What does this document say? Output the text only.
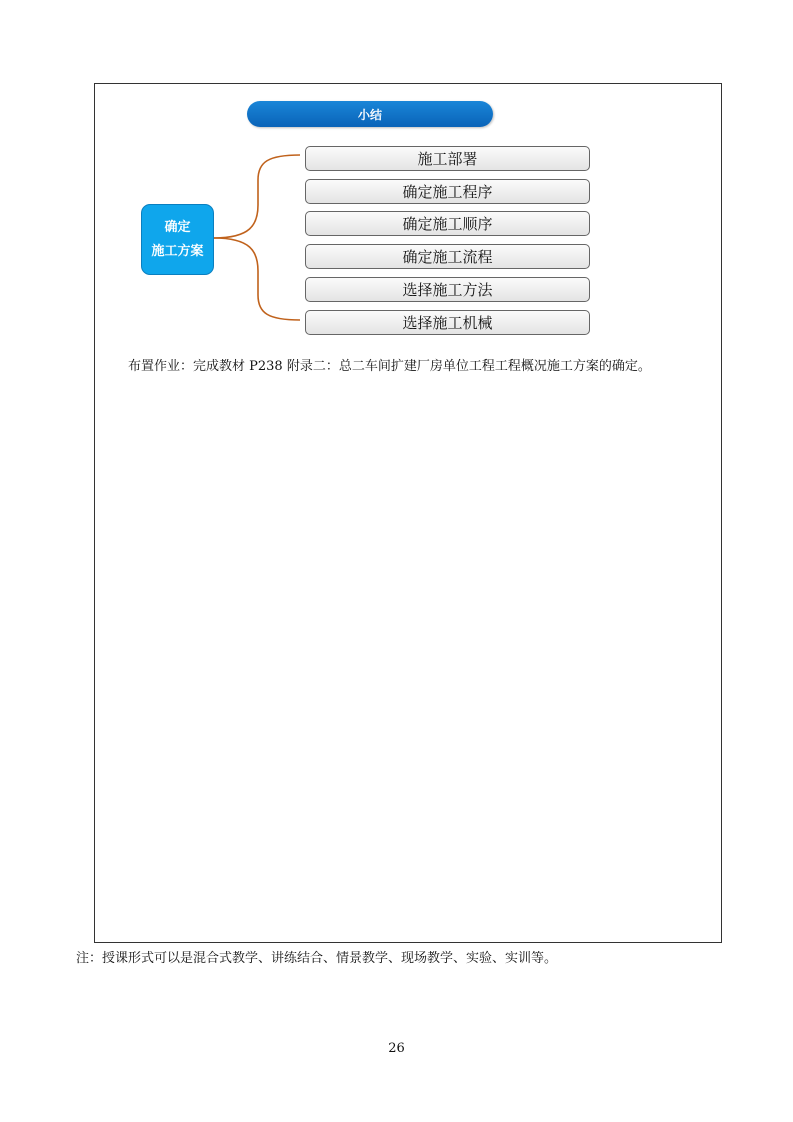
小结
确定
施工方案
施工部署
确定施工程序
确定施工顺序
确定施工流程
选择施工方法
选择施工机械
布置作业：完成教材 P238 附录二：总二车间扩建厂房单位工程工程概况施工方案的确定。
注：授课形式可以是混合式教学、讲练结合、情景教学、现场教学、实验、实训等。
26
